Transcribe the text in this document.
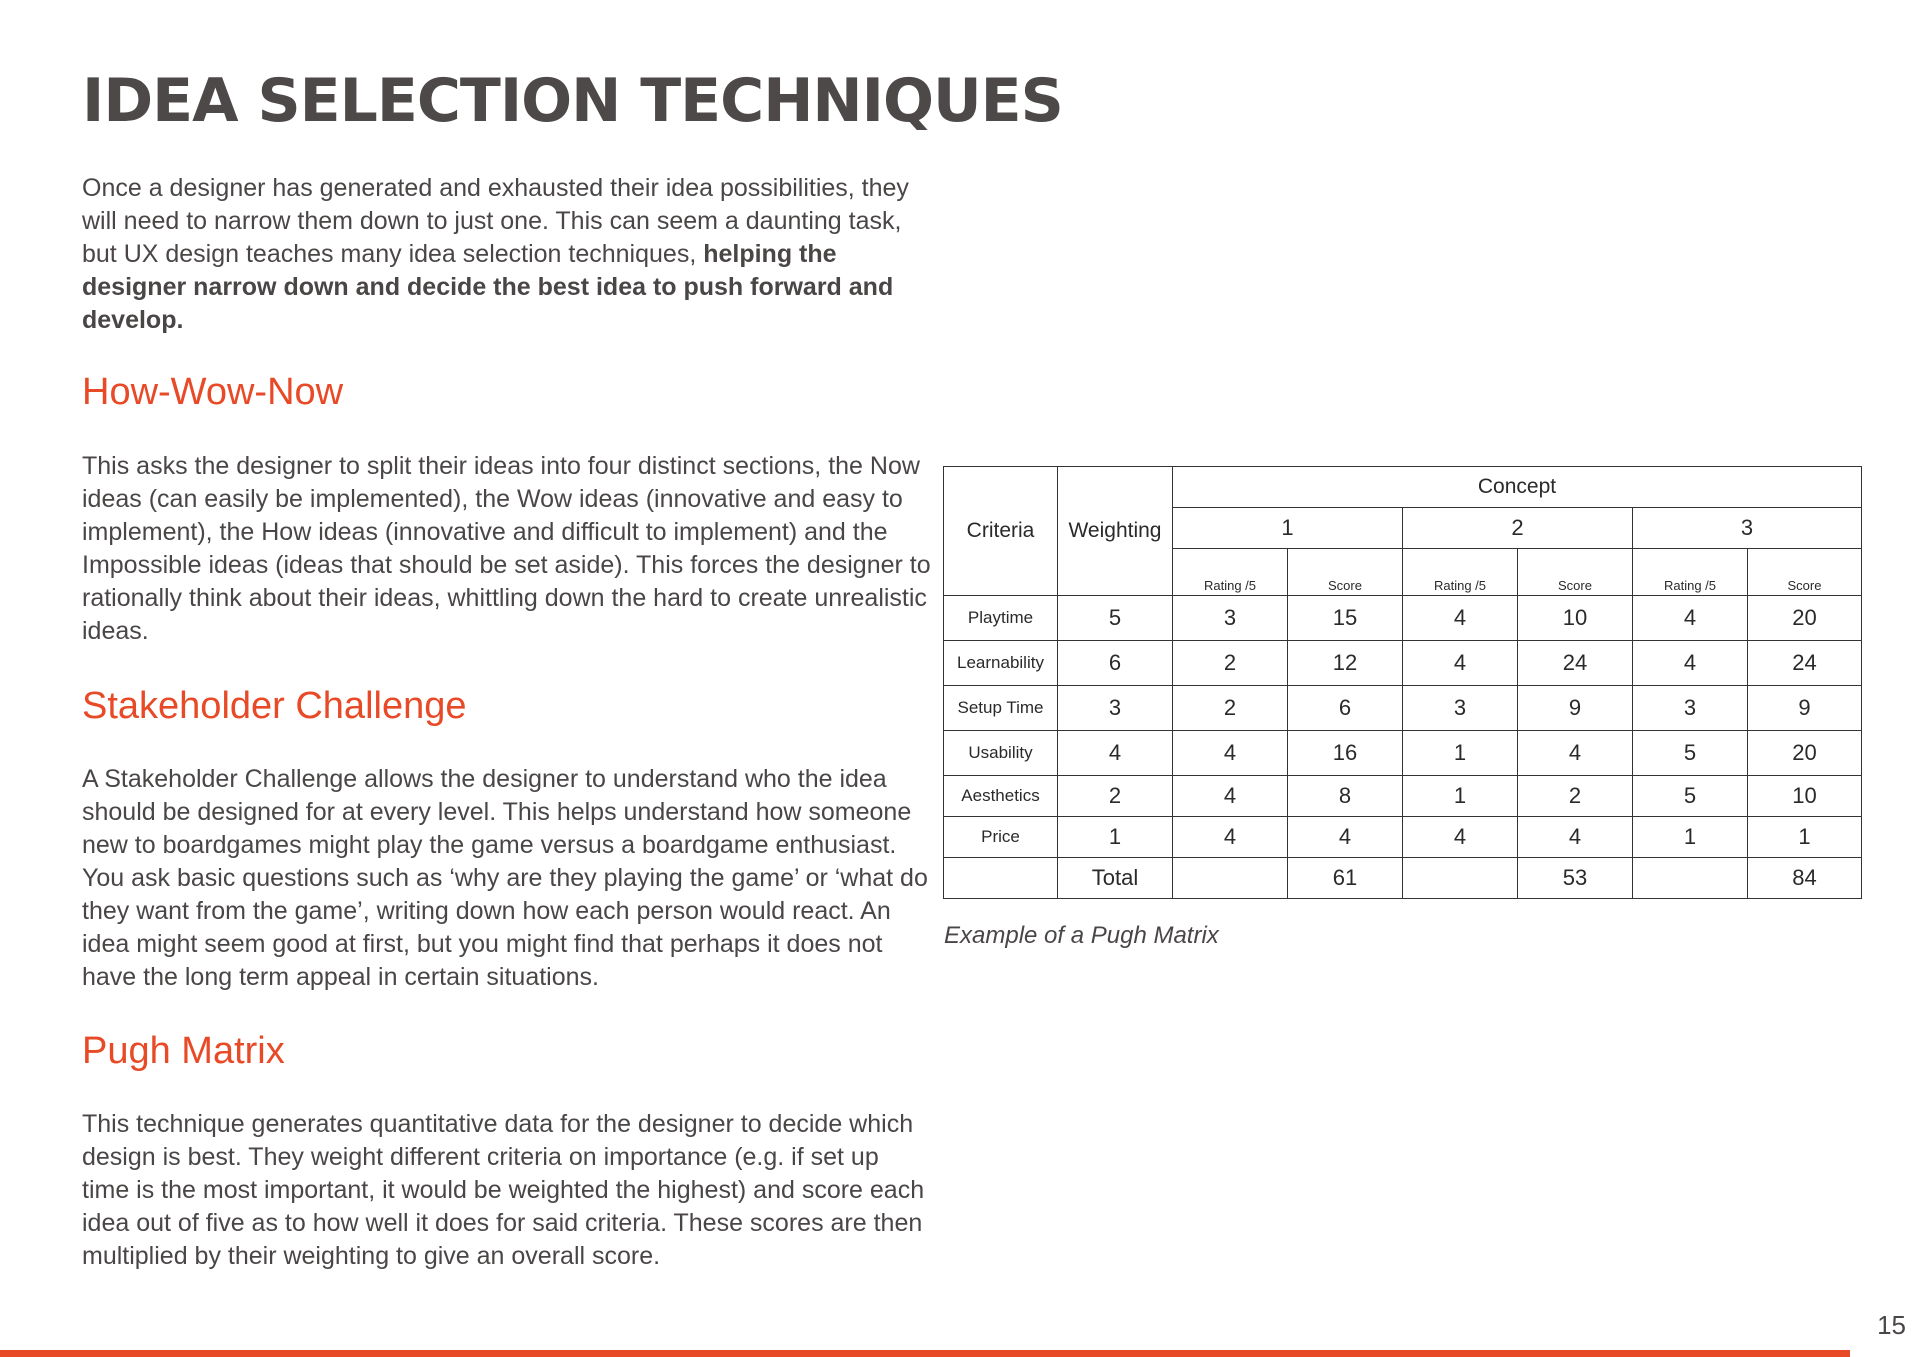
IDEA SELECTION TECHNIQUES

Once a designer has generated and exhausted their idea possibilities, they will need to narrow them down to just one. This can seem a daunting task, but UX design teaches many idea selection techniques, helping the designer narrow down and decide the best idea to push forward and develop.

How-Wow-Now

This asks the designer to split their ideas into four distinct sections, the Now ideas (can easily be implemented), the Wow ideas (innovative and easy to implement), the How ideas (innovative and difficult to implement) and the Impossible ideas (ideas that should be set aside). This forces the designer to rationally think about their ideas, whittling down the hard to create unrealistic ideas.

Stakeholder Challenge

A Stakeholder Challenge allows the designer to understand who the idea should be designed for at every level. This helps understand how someone new to boardgames might play the game versus a boardgame enthusiast. You ask basic questions such as ‘why are they playing the game’ or ‘what do they want from the game’, writing down how each person would react. An idea might seem good at first, but you might find that perhaps it does not have the long term appeal in certain situations.

Pugh Matrix

This technique generates quantitative data for the designer to decide which design is best. They weight different criteria on importance (e.g. if set up time is the most important, it would be weighted the highest) and score each idea out of five as to how well it does for said criteria. These scores are then multiplied by their weighting to give an overall score.

Criteria	Weighting	Concept					
		1		2		3	
		Rating /5	Score	Rating /5	Score	Rating /5	Score
Playtime	5	3	15	4	10	4	20
Learnability	6	2	12	4	24	4	24
Setup Time	3	2	6	3	9	3	9
Usability	4	4	16	1	4	5	20
Aesthetics	2	4	8	1	2	5	10
Price	1	4	4	4	4	1	1
	Total		61		53		84

Example of a Pugh Matrix

15
